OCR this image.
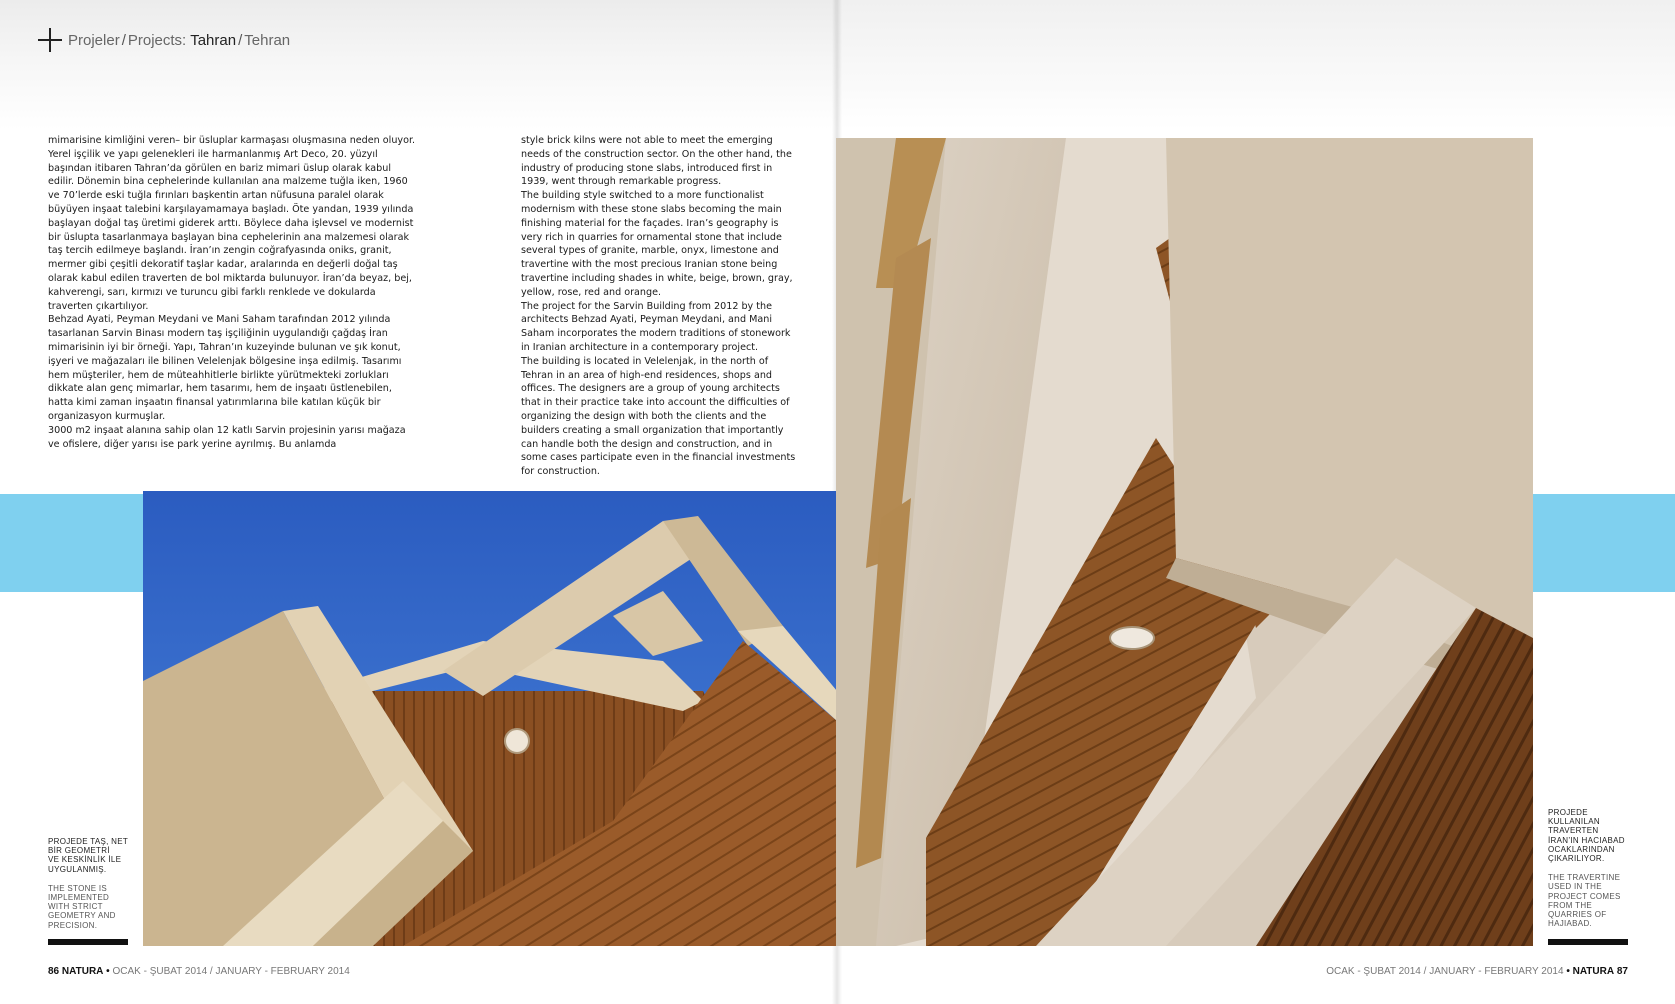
Projeler / Projects: Tahran / Tehran
mimarisine kimliğini veren– bir üsluplar karmaşası oluşmasına neden oluyor.
Yerel işçilik ve yapı gelenekleri ile harmanlanmış Art Deco, 20. yüzyıl başından itibaren Tahran’da görülen en bariz mimari üslup olarak kabul edilir. Dönemin bina cephelerinde kullanılan ana malzeme tuğla iken, 1960 ve 70’lerde eski tuğla fırınları başkentin artan nüfusuna paralel olarak büyüyen inşaat talebini karşılayamamaya başladı. Öte yandan, 1939 yılında başlayan doğal taş üretimi giderek arttı. Böylece daha işlevsel ve modernist bir üslupta tasarlanmaya başlayan bina cephelerinin ana malzemesi olarak taş tercih edilmeye başlandı. İran’ın zengin coğrafyasında oniks, granit, mermer gibi çeşitli dekoratif taşlar kadar, aralarında en değerli doğal taş olarak kabul edilen traverten de bol miktarda bulunuyor. İran’da beyaz, bej, kahverengi, sarı, kırmızı ve turuncu gibi farklı renklede ve dokularda traverten çıkartılıyor.
Behzad Ayati, Peyman Meydani ve Mani Saham tarafından 2012 yılında tasarlanan Sarvin Binası modern taş işçiliğinin uygulandığı çağdaş İran mimarisinin iyi bir örneği. Yapı, Tahran’ın kuzeyinde bulunan ve şık konut, işyeri ve mağazaları ile bilinen Velelenjak bölgesine inşa edilmiş. Tasarımı hem müşteriler, hem de müteahhitlerle birlikte yürütmekteki zorlukları dikkate alan genç mimarlar, hem tasarımı, hem de inşaatı üstlenebilen, hatta kimi zaman inşaatın finansal yatırımlarına bile katılan küçük bir organizasyon kurmuşlar.
3000 m2 inşaat alanına sahip olan 12 katlı Sarvin projesinin yarısı mağaza ve ofislere, diğer yarısı ise park yerine ayrılmış. Bu anlamda
style brick kilns were not able to meet the emerging needs of the construction sector. On the other hand, the industry of producing stone slabs, introduced first in 1939, went through remarkable progress.
The building style switched to a more functionalist modernism with these stone slabs becoming the main finishing material for the façades. Iran’s geography is very rich in quarries for ornamental stone that include several types of granite, marble, onyx, limestone and travertine with the most precious Iranian stone being travertine including shades in white, beige, brown, gray, yellow, rose, red and orange.
The project for the Sarvin Building from 2012 by the architects Behzad Ayati, Peyman Meydani, and Mani Saham incorporates the modern traditions of stonework in Iranian architecture in a contemporary project.
The building is located in Velelenjak, in the north of Tehran in an area of high-end residences, shops and offices. The designers are a group of young architects that in their practice take into account the difficulties of organizing the design with both the clients and the builders creating a small organization that importantly can handle both the design and construction, and in some cases participate even in the financial investments for construction.
PROJEDE TAŞ, NET
BİR GEOMETRİ
VE KESKİNLİK İLE
UYGULANMIŞ.
THE STONE IS
IMPLEMENTED
WITH STRICT
GEOMETRY AND
PRECISION.
PROJEDE
KULLANILAN
TRAVERTEN
İRAN’IN HACIABAD
OCAKLARINDAN
ÇIKARILIYOR.
THE TRAVERTINE
USED IN THE
PROJECT COMES
FROM THE
QUARRIES OF
HAJIABAD.
86 NATURA • OCAK - ŞUBAT 2014 / JANUARY - FEBRUARY 2014	OCAK - ŞUBAT 2014 / JANUARY - FEBRUARY 2014 • NATURA 87
